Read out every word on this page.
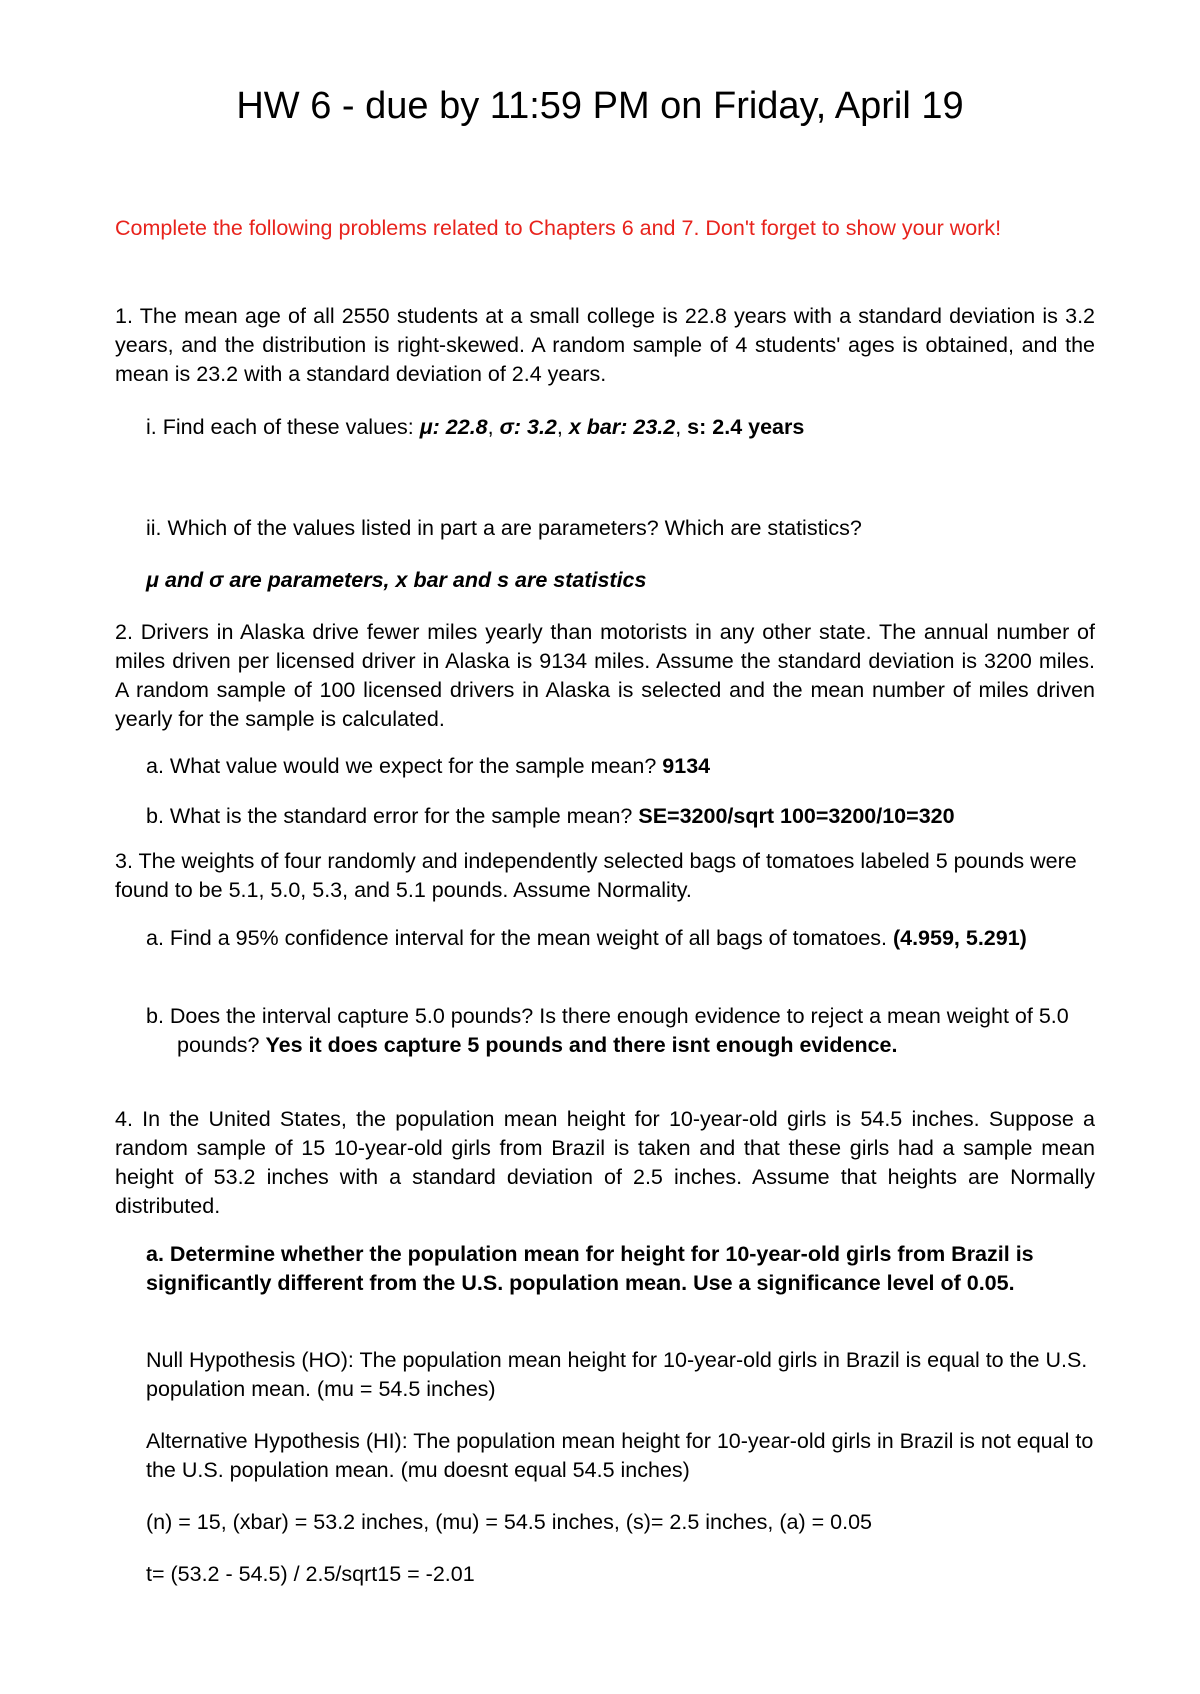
HW 6 - due by 11:59 PM on Friday, April 19

Complete the following problems related to Chapters 6 and 7. Don't forget to show your work!

1. The mean age of all 2550 students at a small college is 22.8 years with a standard deviation is 3.2 years, and the distribution is right-skewed. A random sample of 4 students' ages is obtained, and the mean is 23.2 with a standard deviation of 2.4 years.

i. Find each of these values: μ: 22.8, σ: 3.2, x bar: 23.2, s: 2.4 years

ii. Which of the values listed in part a are parameters? Which are statistics?

μ and σ are parameters, x bar and s are statistics

2. Drivers in Alaska drive fewer miles yearly than motorists in any other state. The annual number of miles driven per licensed driver in Alaska is 9134 miles. Assume the standard deviation is 3200 miles. A random sample of 100 licensed drivers in Alaska is selected and the mean number of miles driven yearly for the sample is calculated.

a. What value would we expect for the sample mean? 9134

b. What is the standard error for the sample mean? SE=3200/sqrt 100=3200/10=320

3. The weights of four randomly and independently selected bags of tomatoes labeled 5 pounds were found to be 5.1, 5.0, 5.3, and 5.1 pounds. Assume Normality.

a. Find a 95% confidence interval for the mean weight of all bags of tomatoes. (4.959, 5.291)

b. Does the interval capture 5.0 pounds? Is there enough evidence to reject a mean weight of 5.0 pounds? Yes it does capture 5 pounds and there isnt enough evidence.

4. In the United States, the population mean height for 10-year-old girls is 54.5 inches. Suppose a random sample of 15 10-year-old girls from Brazil is taken and that these girls had a sample mean height of 53.2 inches with a standard deviation of 2.5 inches. Assume that heights are Normally distributed.

a. Determine whether the population mean for height for 10-year-old girls from Brazil is significantly different from the U.S. population mean. Use a significance level of 0.05.

Null Hypothesis (HO): The population mean height for 10-year-old girls in Brazil is equal to the U.S. population mean. (mu = 54.5 inches)

Alternative Hypothesis (HI): The population mean height for 10-year-old girls in Brazil is not equal to the U.S. population mean. (mu doesnt equal 54.5 inches)

(n) = 15, (xbar) = 53.2 inches, (mu) = 54.5 inches, (s)= 2.5 inches, (a) = 0.05

t= (53.2 - 54.5) / 2.5/sqrt15 = -2.01
